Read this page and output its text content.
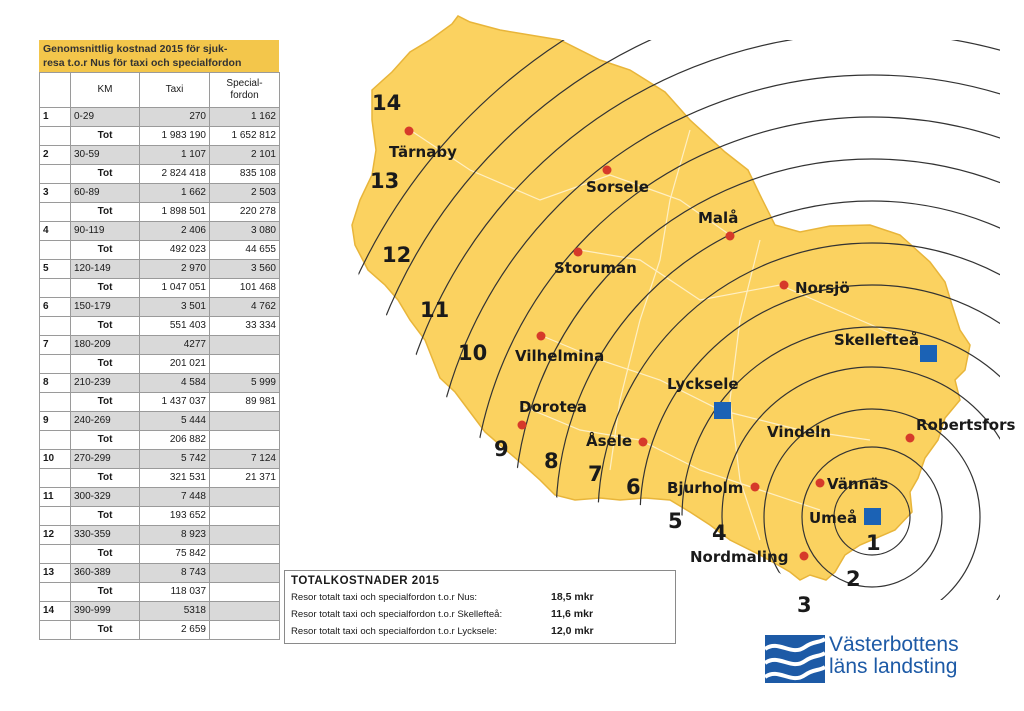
1
2
3
4
5
6
7
8
9
10
11
12
13
14
Tärnaby
Sorsele
Malå
Storuman
Norsjö
Vilhelmina
Skellefteå
Lycksele
Dorotea
Robertsfors
Vindeln
Åsele
Vännäs
Bjurholm
Umeå
Nordmaling
Genomsnittlig kostnad 2015 för sjuk-
resa t.o.r Nus för taxi och specialfordon
	KM	Taxi	Special-
fordon
1	0-29	270	1 162
	Tot	1 983 190	1 652 812
2	30-59	1 107	2 101
	Tot	2 824 418	835 108
3	60-89	1 662	2 503
	Tot	1 898 501	220 278
4	90-119	2 406	3 080
	Tot	492 023	44 655
5	120-149	2 970	3 560
	Tot	1 047 051	101 468
6	150-179	3 501	4 762
	Tot	551 403	33 334
7	180-209	4277	
	Tot	201 021	
8	210-239	4 584	5 999
	Tot	1 437 037	89 981
9	240-269	5 444	
	Tot	206 882	
10	270-299	5 742	7 124
	Tot	321 531	21 371
11	300-329	7 448	
	Tot	193 652	
12	330-359	8 923	
	Tot	75 842	
13	360-389	8 743	
	Tot	118 037	
14	390-999	5318	
	Tot	2 659	
TOTALKOSTNADER 2015
Resor totalt taxi och specialfordon t.o.r Nus:	18,5 mkr
Resor totalt taxi och specialfordon t.o.r Skellefteå:	11,6 mkr
Resor totalt taxi och specialfordon t.o.r Lycksele:	12,0 mkr
Västerbottens
läns landsting
